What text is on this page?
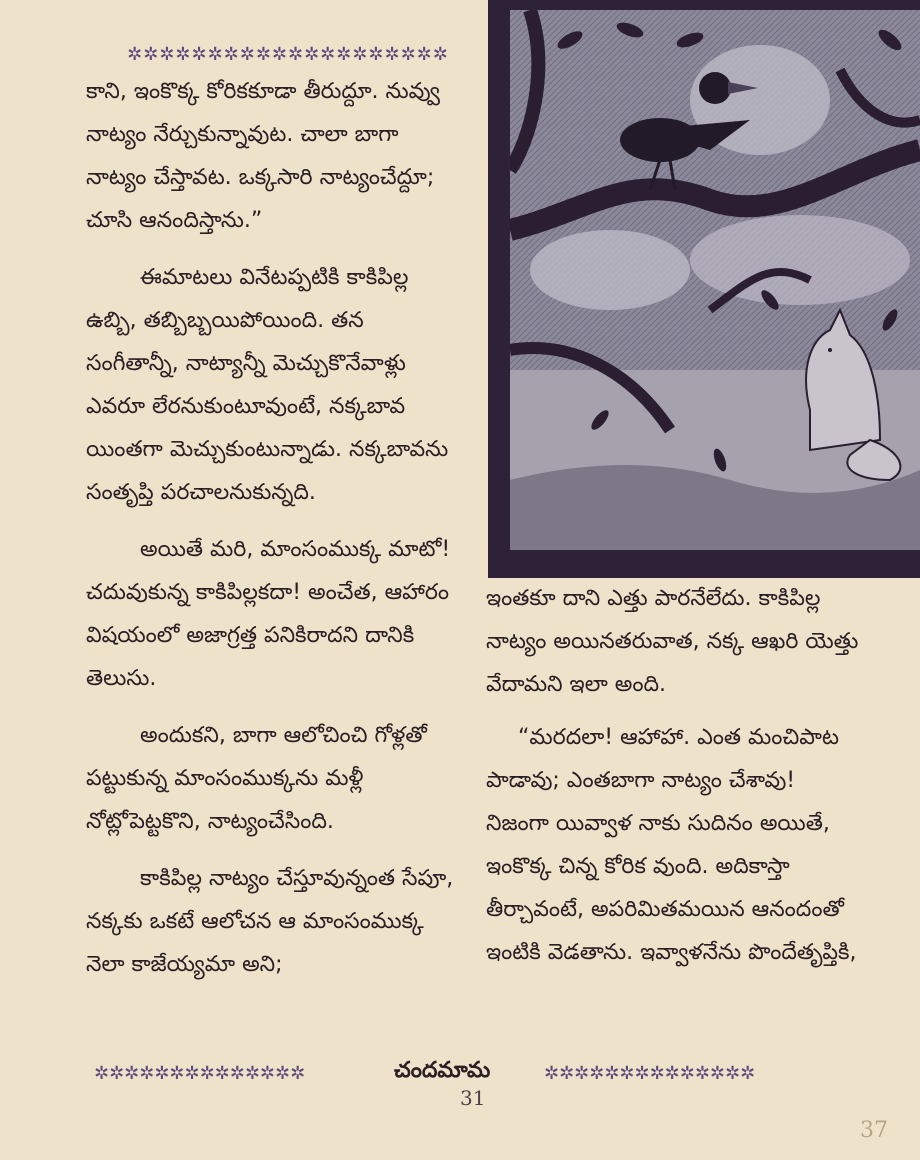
✲✲✲✲✲✲✲✲✲✲✲✲✲✲✲✲✲✲✲✲

కాని, ఇంకొక్క కోరికకూడా తీరుద్దూ. నువ్వు నాట్యం నేర్చుకున్నావుట. చాలా బాగా నాట్యం చేస్తావట. ఒక్కసారి నాట్యంచేద్దూ; చూసి ఆనందిస్తాను.”

ఈమాటలు వినేటప్పటికి కాకిపిల్ల ఉబ్బి, తబ్బిబ్బయిపోయింది. తన సంగీతాన్నీ, నాట్యాన్నీ మెచ్చుకొనేవాళ్లు ఎవరూ లేరనుకుంటూవుంటే, నక్కబావ యింతగా మెచ్చుకుంటున్నాడు. నక్కబావను సంతృప్తి పరచాలనుకున్నది.

అయితే మరి, మాంసంముక్క మాటో! చదువుకున్న కాకిపిల్లకదా! అంచేత, ఆహారం విషయంలో అజాగ్రత్త పనికిరాదని దానికి తెలుసు.

అందుకని, బాగా ఆలోచించి గోళ్లతో పట్టుకున్న మాంసంముక్కను మళ్లీ నోట్లోపెట్టకొని, నాట్యంచేసింది.

కాకిపిల్ల నాట్యం చేస్తూవున్నంత సేపూ, నక్కకు ఒకటే ఆలోచన ఆ మాంసంముక్క నెలా కాజేయ్యమా అని;

ఇంతకూ దాని ఎత్తు పారనేలేదు. కాకిపిల్ల నాట్యం అయినతరువాత, నక్క ఆఖరి యెత్తు వేదామని ఇలా అంది.

“మరదలా! ఆహాహా. ఎంత మంచిపాట పాడావు; ఎంతబాగా నాట్యం చేశావు! నిజంగా యివ్వాళ నాకు సుదినం అయితే, ఇంకొక్క చిన్న కోరిక వుంది. అదికాస్తా తీర్చావంటే, అపరిమితమయిన ఆనందంతో ఇంటికి వెడతాను. ఇవ్వాళనేను పొందేతృప్తికి,

✲✲✲✲✲✲✲✲✲✲✲✲✲✲	చందమామ	✲✲✲✲✲✲✲✲✲✲✲✲✲✲
31
37
